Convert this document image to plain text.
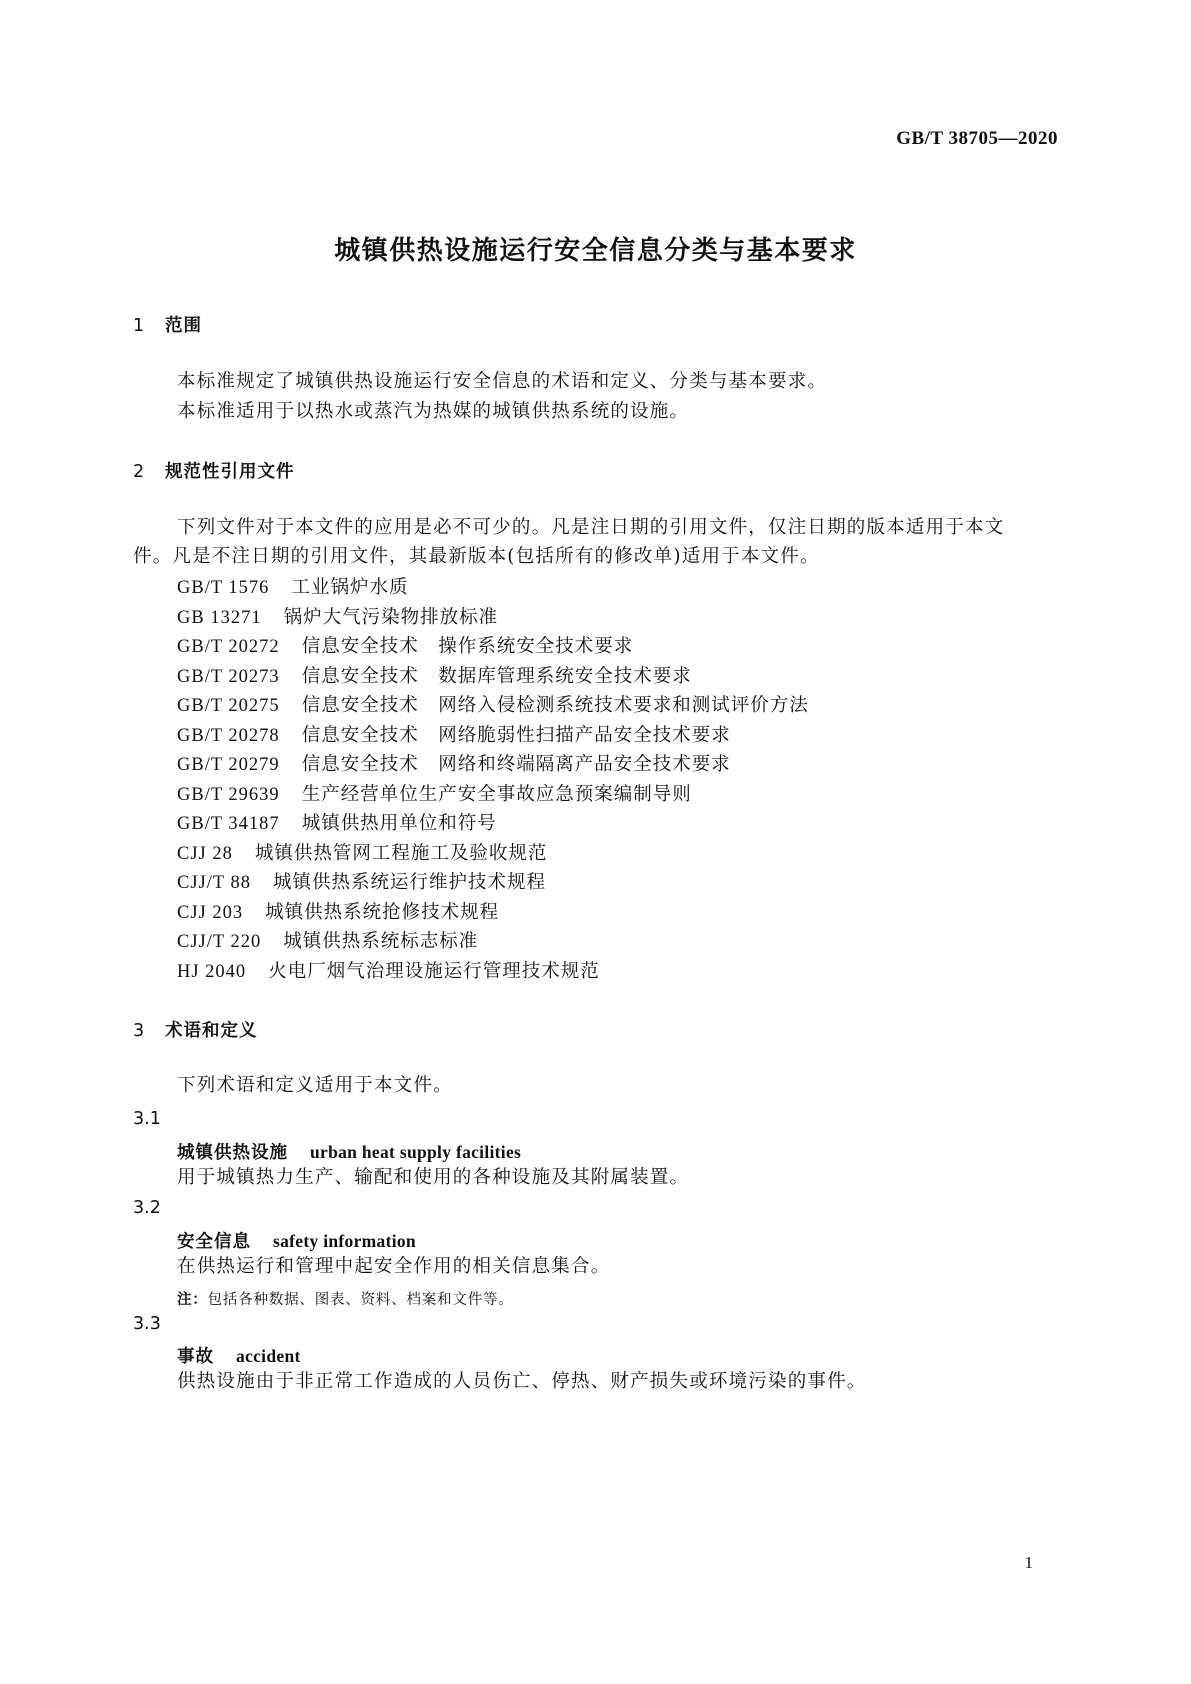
GB/T 38705—2020
城镇供热设施运行安全信息分类与基本要求
1 范围
本标准规定了城镇供热设施运行安全信息的术语和定义、分类与基本要求。
本标准适用于以热水或蒸汽为热媒的城镇供热系统的设施。
2 规范性引用文件
下列文件对于本文件的应用是必不可少的。凡是注日期的引用文件，仅注日期的版本适用于本文
件。凡是不注日期的引用文件，其最新版本(包括所有的修改单)适用于本文件。
GB/T 1576 工业锅炉水质
GB 13271 锅炉大气污染物排放标准
GB/T 20272 信息安全技术　操作系统安全技术要求
GB/T 20273 信息安全技术　数据库管理系统安全技术要求
GB/T 20275 信息安全技术　网络入侵检测系统技术要求和测试评价方法
GB/T 20278 信息安全技术　网络脆弱性扫描产品安全技术要求
GB/T 20279 信息安全技术　网络和终端隔离产品安全技术要求
GB/T 29639 生产经营单位生产安全事故应急预案编制导则
GB/T 34187 城镇供热用单位和符号
CJJ 28 城镇供热管网工程施工及验收规范
CJJ/T 88 城镇供热系统运行维护技术规程
CJJ 203 城镇供热系统抢修技术规程
CJJ/T 220 城镇供热系统标志标准
HJ 2040 火电厂烟气治理设施运行管理技术规范
3 术语和定义
下列术语和定义适用于本文件。
3.1
城镇供热设施 urban heat supply facilities
用于城镇热力生产、输配和使用的各种设施及其附属装置。
3.2
安全信息 safety information
在供热运行和管理中起安全作用的相关信息集合。
注：包括各种数据、图表、资料、档案和文件等。
3.3
事故 accident
供热设施由于非正常工作造成的人员伤亡、停热、财产损失或环境污染的事件。
1
